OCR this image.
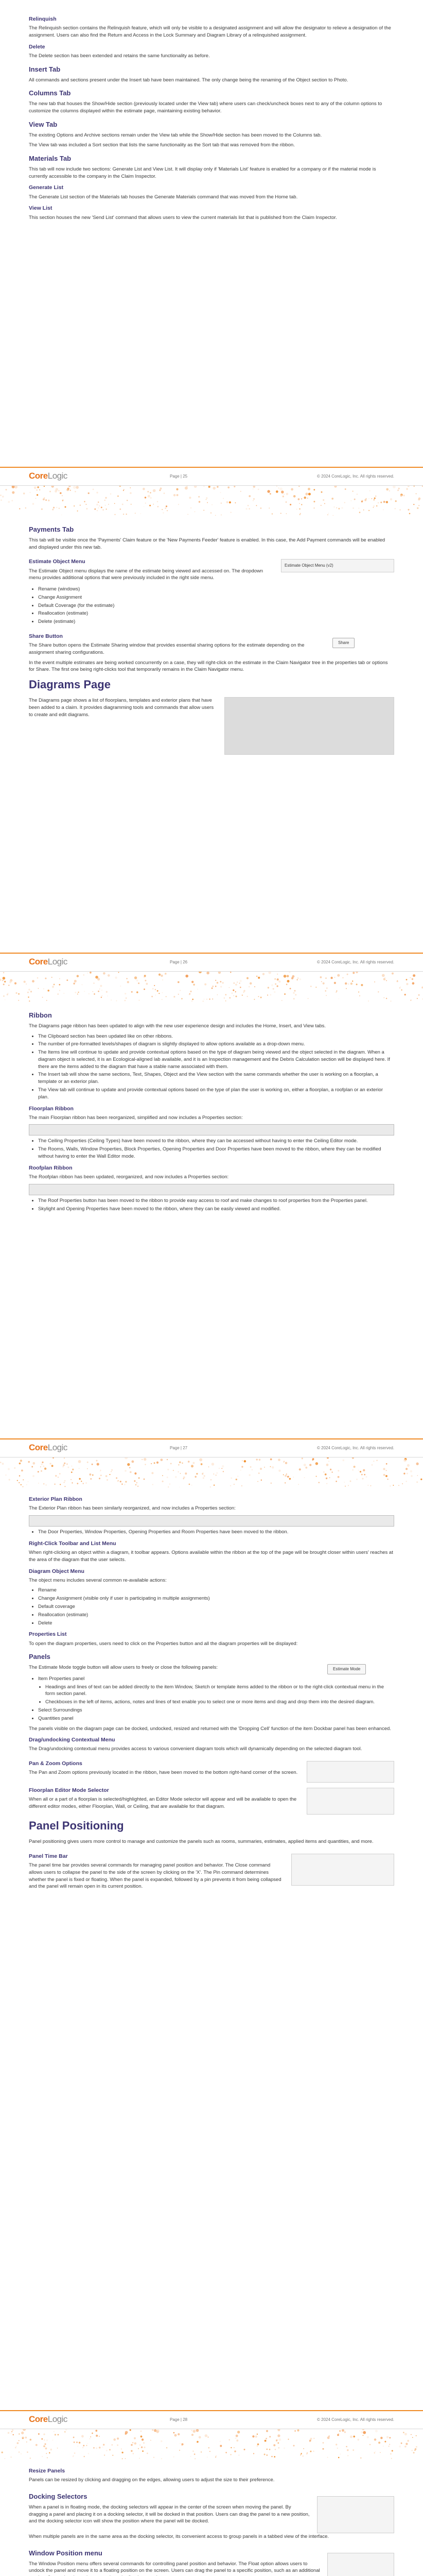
Relinquish

The Relinquish section contains the Relinquish feature, which will only be visible to a designated assignment and will allow the designator to relieve a designation of the assignment. Users can also find the Return and Access in the Lock Summary and Diagram Library of a relinquished assignment.

Delete

The Delete section has been extended and retains the same functionality as before.

Insert Tab

All commands and sections present under the Insert tab have been maintained. The only change being the renaming of the Object section to Photo.

Columns Tab

The new tab that houses the Show/Hide section (previously located under the View tab) where users can check/uncheck boxes next to any of the column options to customize the columns displayed within the estimate page, maintaining existing behavior.

View Tab

The existing Options and Archive sections remain under the View tab while the Show/Hide section has been moved to the Columns tab.

The View tab was included a Sort section that lists the same functionality as the Sort tab that was removed from the ribbon.

Materials Tab

This tab will now include two sections: Generate List and View List. It will display only if 'Materials List' feature is enabled for a company or if the material mode is currently accessible to the company in the Claim Inspector.

Generate List

The Generate List section of the Materials tab houses the Generate Materials command that was moved from the Home tab.

View List

This section houses the new 'Send List' command that allows users to view the current materials list that is published from the Claim Inspector.

CoreLogic	Page | 25	© 2024 CoreLogic, Inc. All rights reserved.
Payments Tab

This tab will be visible once the 'Payments' Claim feature or the 'New Payments Feeder' feature is enabled. In this case, the Add Payment commands will be enabled and displayed under this new tab.

Estimate Object Menu

The Estimate Object menu displays the name of the estimate being viewed and accessed on. The dropdown menu provides additional options that were previously included in the right side menu.

Estimate Object Menu (v2)
• Rename (windows)
• Change Assignment
• Default Coverage (for the estimate)
• Reallocation (estimate)
• Delete (estimate)
Share Button

The Share button opens the Estimate Sharing window that provides essential sharing options for the estimate depending on the assignment sharing configurations.

Share

In the event multiple estimates are being worked concurrently on a case, they will right-click on the estimate in the Claim Navigator tree in the properties tab or options for Share. The first one being right-clicks tool that temporarily remains in the Claim Navigator menu.

Diagrams Page

The Diagrams page shows a list of floorplans, templates and exterior plans that have been added to a claim. It provides diagramming tools and commands that allow users to create and edit diagrams.

CoreLogic	Page | 26	© 2024 CoreLogic, Inc. All rights reserved.
Ribbon

The Diagrams page ribbon has been updated to align with the new user experience design and includes the Home, Insert, and View tabs.

• The Clipboard section has been updated like on other ribbons.
• The number of pre-formatted levels/shapes of diagram is slightly displayed to allow options available as a drop-down menu.
• The Items line will continue to update and provide contextual options based on the type of diagram being viewed and the object selected in the diagram. When a diagram object is selected, it is an Ecological-aligned lab available, and it is an Inspection management and the Debris Calculation section will be displayed here. If there are the items added to the diagram that have a stable name associated with them.
• The Insert tab will show the same sections, Text, Shapes, Object and the View section with the same commands whether the user is working on a floorplan, a template or an exterior plan.
• The View tab will continue to update and provide contextual options based on the type of plan the user is working on, either a floorplan, a roofplan or an exterior plan.
Floorplan Ribbon

The main Floorplan ribbon has been reorganized, simplified and now includes a Properties section:

• The Ceiling Properties (Ceiling Types) have been moved to the ribbon, where they can be accessed without having to enter the Ceiling Editor mode.
• The Rooms, Walls, Window Properties, Block Properties, Opening Properties and Door Properties have been moved to the ribbon, where they can be modified without having to enter the Wall Editor mode.
Roofplan Ribbon

The Roofplan ribbon has been updated, reorganized, and now includes a Properties section:

• The Roof Properties button has been moved to the ribbon to provide easy access to roof and make changes to roof properties from the Properties panel.
• Skylight and Opening Properties have been moved to the ribbon, where they can be easily viewed and modified.
CoreLogic	Page | 27	© 2024 CoreLogic, Inc. All rights reserved.
Exterior Plan Ribbon

The Exterior Plan ribbon has been similarly reorganized, and now includes a Properties section:

• The Door Properties, Window Properties, Opening Properties and Room Properties have been moved to the ribbon.
Right-Click Toolbar and List Menu

When right-clicking an object within a diagram, it toolbar appears. Options available within the ribbon at the top of the page will be brought closer within users' reaches at the area of the diagram that the user selects.

Diagram Object Menu

The object menu includes several common re-available actions:

• Rename
• Change Assignment (visible only if user is participating in multiple assignments)
• Default coverage
• Reallocation (estimate)
• Delete
Properties List

To open the diagram properties, users need to click on the Properties button and all the diagram properties will be displayed:

Panels

The Estimate Mode toggle button will allow users to freely or close the following panels:	Estimate Mode
• Item Properties panel
• Headings and lines of text can be added directly to the item Window, Sketch or template items added to the ribbon or to the right-click contextual menu in the form section panel.
• Checkboxes in the left of items, actions, notes and lines of text enable you to select one or more items and drag and drop them into the desired diagram.
• Select Surroundings
• Quantities panel

The panels visible on the diagram page can be docked, undocked, resized and returned with the 'Dropping Cell' function of the item Dockbar panel has been enhanced.

Drag/undocking Contextual Menu

The Drag/undocking contextual menu provides access to various convenient diagram tools which will dynamically depending on the selected diagram tool.

Pan & Zoom Options

The Pan and Zoom options previously located in the ribbon, have been moved to the bottom right-hand corner of the screen.

Floorplan Editor Mode Selector

When all or a part of a floorplan is selected/highlighted, an Editor Mode selector will appear and will be available to open the different editor modes, either Floorplan, Wall, or Ceiling, that are available for that diagram.

Panel Positioning

Panel positioning gives users more control to manage and customize the panels such as rooms, summaries, estimates, applied items and quantities, and more.

Panel Time Bar

The panel time bar provides several commands for managing panel position and behavior. The Close command allows users to collapse the panel to the side of the screen by clicking on the 'X'. The Pin command determines whether the panel is fixed or floating. When the panel is expanded, followed by a pin prevents it from being collapsed and the panel will remain open in its current position.

CoreLogic	Page | 28	© 2024 CoreLogic, Inc. All rights reserved.
Resize Panels

Panels can be resized by clicking and dragging on the edges, allowing users to adjust the size to their preference.

Docking Selectors

When a panel is in floating mode, the docking selectors will appear in the center of the screen when moving the panel. By dragging a panel and placing it on a docking selector, it will be docked in that position. Users can drag the panel to a new position, and the docking selector icon will show the position where the panel will be docked.

When multiple panels are in the same area as the docking selector, its convenient access to group panels in a tabbed view of the interface.

Window Position menu

The Window Position menu offers several commands for controlling panel position and behavior. The Float option allows users to undock the panel and move it to a floating position on the screen. Users can drag the panel to a specific position, such as an additional
